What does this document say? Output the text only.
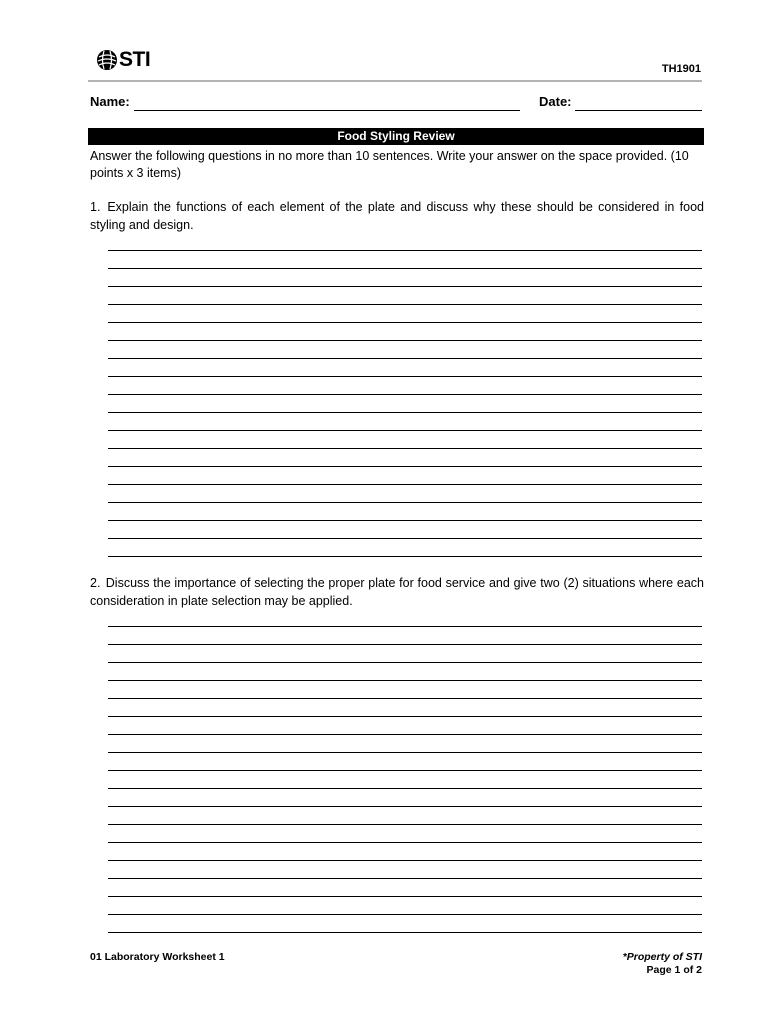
STI	TH1901
Name:	Date:
Food Styling Review
Answer the following questions in no more than 10 sentences. Write your answer on the space provided. (10 points x 3 items)
1. Explain the functions of each element of the plate and discuss why these should be considered in food styling and design.
2. Discuss the importance of selecting the proper plate for food service and give two (2) situations where each consideration in plate selection may be applied.
01 Laboratory Worksheet 1	*Property of STI
Page 1 of 2
